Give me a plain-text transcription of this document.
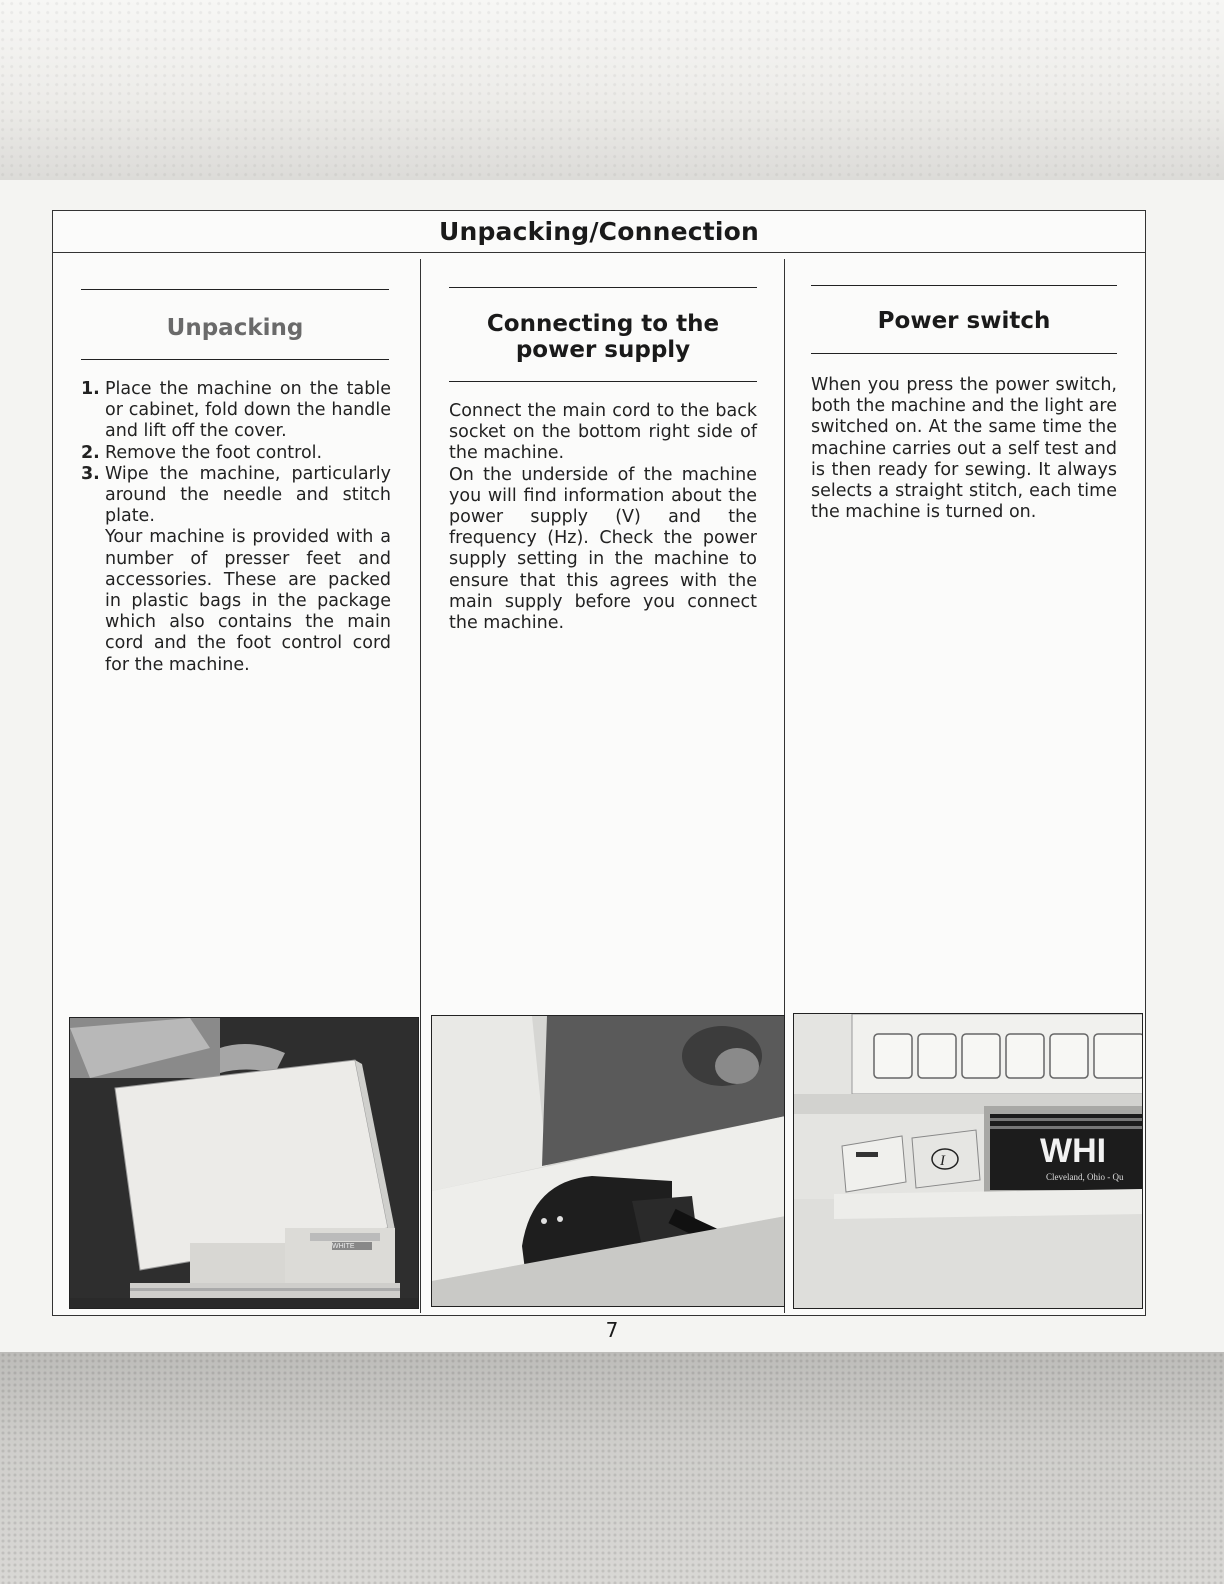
Unpacking/Connection
Unpacking
1. Place the machine on the table or cabinet, fold down the handle and lift off the cover.
2. Remove the foot control.
3. Wipe the machine, particularly around the needle and stitch plate.
Your machine is provided with a number of presser feet and accessories. These are packed in plastic bags in the package which also contains the main cord and the foot control cord for the machine.
WHITE
Connecting to the power supply

Connect the main cord to the back socket on the bottom right side of the machine.

On the underside of the machine you will find information about the power supply (V) and the frequency (Hz). Check the power supply setting in the machine to ensure that this agrees with the main supply before you connect the machine.

Power switch

When you press the power switch, both the machine and the light are switched on. At the same time the machine carries out a self test and is then ready for sewing. It always selects a straight stitch, each time the machine is turned on.

WHI
Cleveland, Ohio - Qu
I
7
